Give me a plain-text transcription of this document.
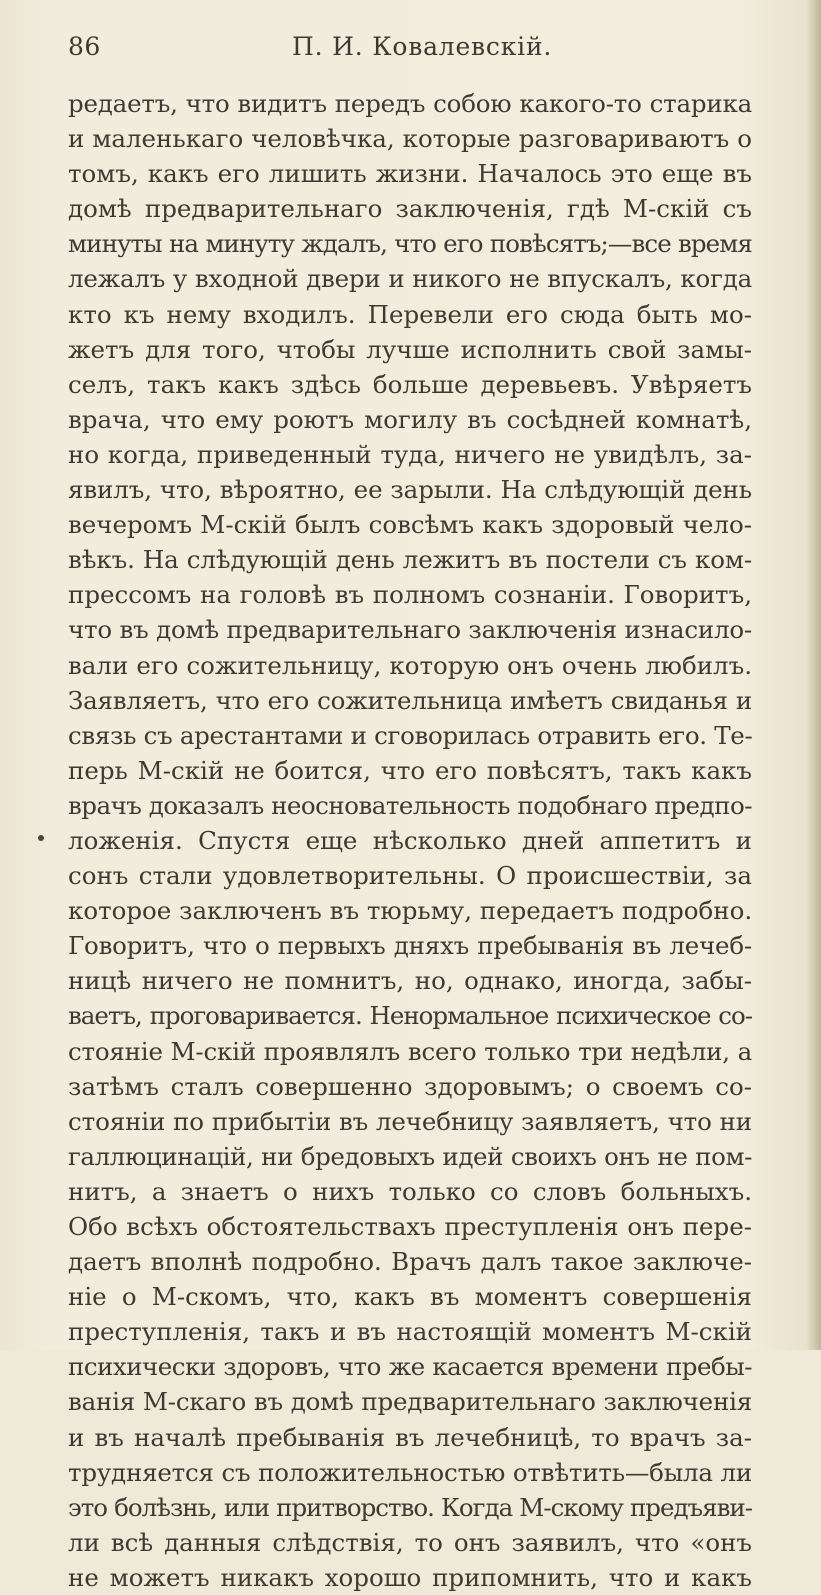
86	П. И. Ковалевскій.
редаетъ, что видитъ передъ собою какого-то старика
и маленькаго человѣчка, которые разговариваютъ о
томъ, какъ его лишить жизни. Началось это еще въ
домѣ предварительнаго заключенія, гдѣ М-скій съ
минуты на минуту ждалъ, что его повѣсятъ;—все время
лежалъ у входной двери и никого не впускалъ, когда
кто къ нему входилъ. Перевели его сюда быть мо-
жетъ для того, чтобы лучше исполнить свой замы-
селъ, такъ какъ здѣсь больше деревьевъ. Увѣряетъ
врача, что ему роютъ могилу въ сосѣдней комнатѣ,
но когда, приведенный туда, ничего не увидѣлъ, за-
явилъ, что, вѣроятно, ее зарыли. На слѣдующій день
вечеромъ М-скій былъ совсѣмъ какъ здоровый чело-
вѣкъ. На слѣдующій день лежитъ въ постели съ ком-
прессомъ на головѣ въ полномъ сознаніи. Говоритъ,
что въ домѣ предварительнаго заключенія изнасило-
вали его сожительницу, которую онъ очень любилъ.
Заявляетъ, что его сожительница имѣетъ свиданья и
связь съ арестантами и сговорилась отравить его. Те-
перь М-скій не боится, что его повѣсятъ, такъ какъ
врачъ доказалъ неосновательность подобнаго предпо-
ложенія. Спустя еще нѣсколько дней аппетитъ и
сонъ стали удовлетворительны. О происшествіи, за
которое заключенъ въ тюрьму, передаетъ подробно.
Говоритъ, что о первыхъ дняхъ пребыванія въ лечеб-
ницѣ ничего не помнитъ, но, однако, иногда, забы-
ваетъ, проговаривается. Ненормальное психическое со-
стояніе М-скій проявлялъ всего только три недѣли, а
затѣмъ сталъ совершенно здоровымъ; о своемъ со-
стояніи по прибытіи въ лечебницу заявляетъ, что ни
галлюцинацій, ни бредовыхъ идей своихъ онъ не пом-
нитъ, а знаетъ о нихъ только со словъ больныхъ.
Обо всѣхъ обстоятельствахъ преступленія онъ пере-
даетъ вполнѣ подробно. Врачъ далъ такое заключе-
ніе о М-скомъ, что, какъ въ моментъ совершенія
преступленія, такъ и въ настоящій моментъ М-скій
психически здоровъ, что же касается времени пребы-
ванія М-скаго въ домѣ предварительнаго заключенія
и въ началѣ пребыванія въ лечебницѣ, то врачъ за-
трудняется съ положительностью отвѣтить—была ли
это болѣзнь, или притворство. Когда М-скому предъяви-
ли всѣ данныя слѣдствія, то онъ заявилъ, что «онъ
не можетъ никакъ хорошо припомнить, что и какъ
